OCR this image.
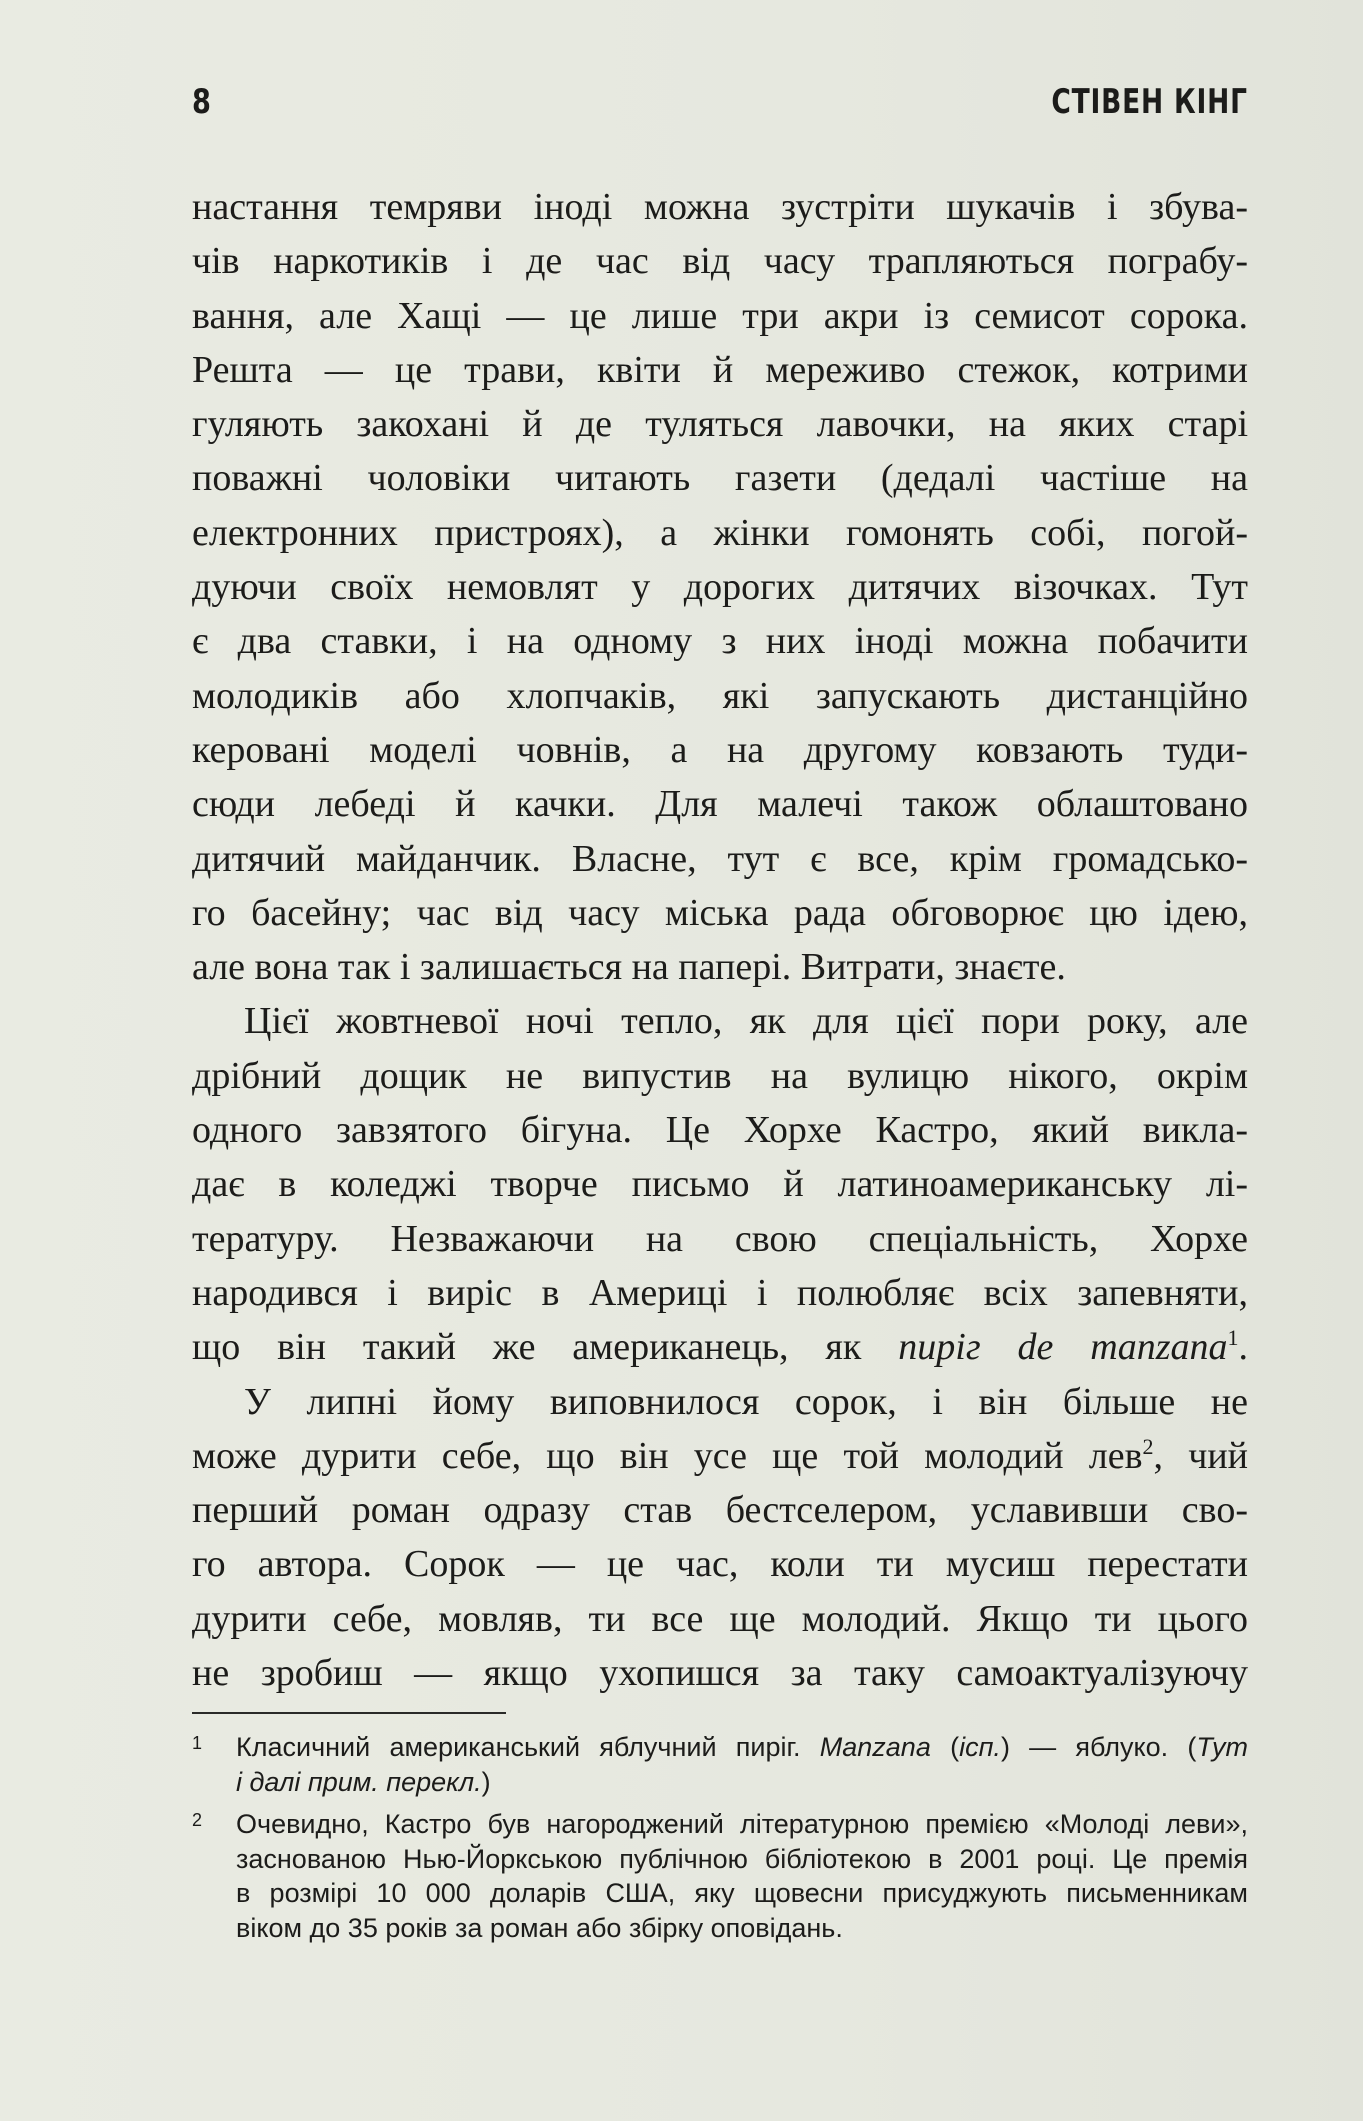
8	СТІВЕН КІНГ

настання темряви іноді можна зустріти шукачів і збува-
чів наркотиків і де час від часу трапляються пограбу-
вання, але Хащі — це лише три акри із семисот сорока.
Решта — це трави, квіти й мереживо стежок, котрими
гуляють закохані й де туляться лавочки, на яких старі
поважні чоловіки читають газети (дедалі частіше на
електронних пристроях), а жінки гомонять собі, погой-
дуючи своїх немовлят у дорогих дитячих візочках. Тут
є два ставки, і на одному з них іноді можна побачити
молодиків або хлопчаків, які запускають дистанційно
керовані моделі човнів, а на другому ковзають туди-
сюди лебеді й качки. Для малечі також облаштовано
дитячий майданчик. Власне, тут є все, крім громадсько-
го басейну; час від часу міська рада обговорює цю ідею,
але вона так і залишається на папері. Витрати, знаєте.

Цієї жовтневої ночі тепло, як для цієї пори року, але
дрібний дощик не випустив на вулицю нікого, окрім
одного завзятого бігуна. Це Хорхе Кастро, який викла-
дає в коледжі творче письмо й латиноамериканську лі-
тературу. Незважаючи на свою спеціальність, Хорхе
народився і виріс в Америці і полюбляє всіх запевняти,
що він такий же американець, як пиріг de manzana$^1$.

У липні йому виповнилося сорок, і він більше не
може дурити себе, що він усе ще той молодий лев$^2$, чий
перший роман одразу став бестселером, уславивши сво-
го автора. Сорок — це час, коли ти мусиш перестати
дурити себе, мовляв, ти все ще молодий. Якщо ти цього
не зробиш — якщо ухопишся за таку самоактуалізуючу

1 Класичний американський яблучний пиріг. Manzana (ісп.) — яблуко. (Тут
і далі прим. перекл.)
2 Очевидно, Кастро був нагороджений літературною премією «Молоді леви»,
заснованою Нью-Йоркською публічною бібліотекою в 2001 році. Це премія
в розмірі 10 000 доларів США, яку щовесни присуджують письменникам
віком до 35 років за роман або збірку оповідань.
